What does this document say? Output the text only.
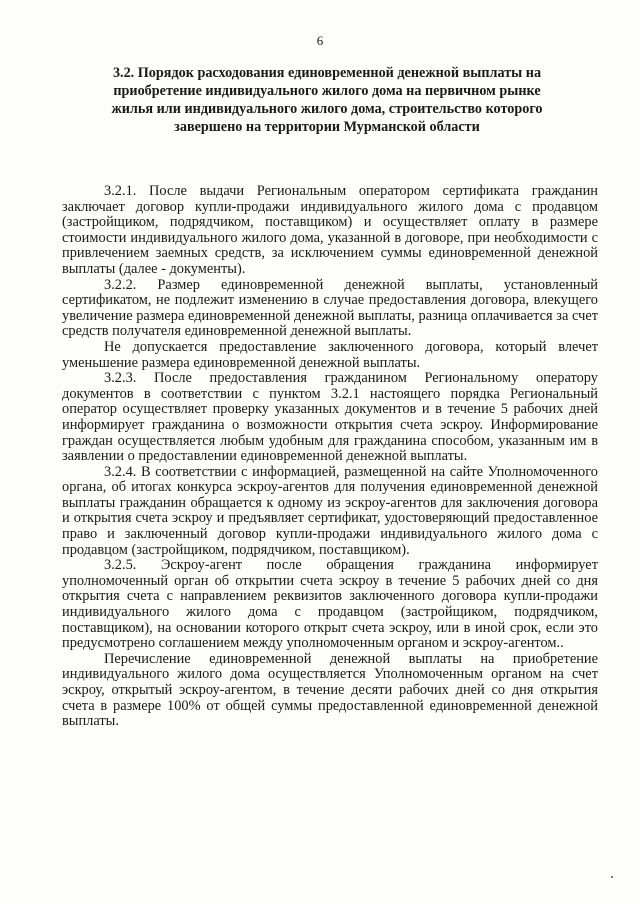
6
3.2. Порядок расходования единовременной денежной выплаты на приобретение индивидуального жилого дома на первичном рынке жилья или индивидуального жилого дома, строительство которого завершено на территории Мурманской области

3.2.1. После выдачи Региональным оператором сертификата гражданин заключает договор купли-продажи индивидуального жилого дома с продавцом (застройщиком, подрядчиком, поставщиком) и осуществляет оплату в размере стоимости индивидуального жилого дома, указанной в договоре, при необходимости с привлечением заемных средств, за исключением суммы единовременной денежной выплаты (далее - документы).

3.2.2. Размер единовременной денежной выплаты, установленный сертификатом, не подлежит изменению в случае предоставления договора, влекущего увеличение размера единовременной денежной выплаты, разница оплачивается за счет средств получателя единовременной денежной выплаты.

Не допускается предоставление заключенного договора, который влечет уменьшение размера единовременной денежной выплаты.

3.2.3. После предоставления гражданином Региональному оператору документов в соответствии с пунктом 3.2.1 настоящего порядка Региональный оператор осуществляет проверку указанных документов и в течение 5 рабочих дней информирует гражданина о возможности открытия счета эскроу. Информирование граждан осуществляется любым удобным для гражданина способом, указанным им в заявлении о предоставлении единовременной денежной выплаты.

3.2.4. В соответствии с информацией, размещенной на сайте Уполномоченного органа, об итогах конкурса эскроу-агентов для получения единовременной денежной выплаты гражданин обращается к одному из эскроу-агентов для заключения договора и открытия счета эскроу и предъявляет сертификат, удостоверяющий предоставленное право и заключенный договор купли-продажи индивидуального жилого дома с продавцом (застройщиком, подрядчиком, поставщиком).

3.2.5. Эскроу-агент после обращения гражданина информирует уполномоченный орган об открытии счета эскроу в течение 5 рабочих дней со дня открытия счета с направлением реквизитов заключенного договора купли-продажи индивидуального жилого дома с продавцом (застройщиком, подрядчиком, поставщиком), на основании которого открыт счета эскроу, или в иной срок, если это предусмотрено соглашением между уполномоченным органом и эскроу-агентом..

Перечисление единовременной денежной выплаты на приобретение индивидуального жилого дома осуществляется Уполномоченным органом на счет эскроу, открытый эскроу-агентом, в течение десяти рабочих дней со дня открытия счета в размере 100% от общей суммы предоставленной единовременной денежной выплаты.
